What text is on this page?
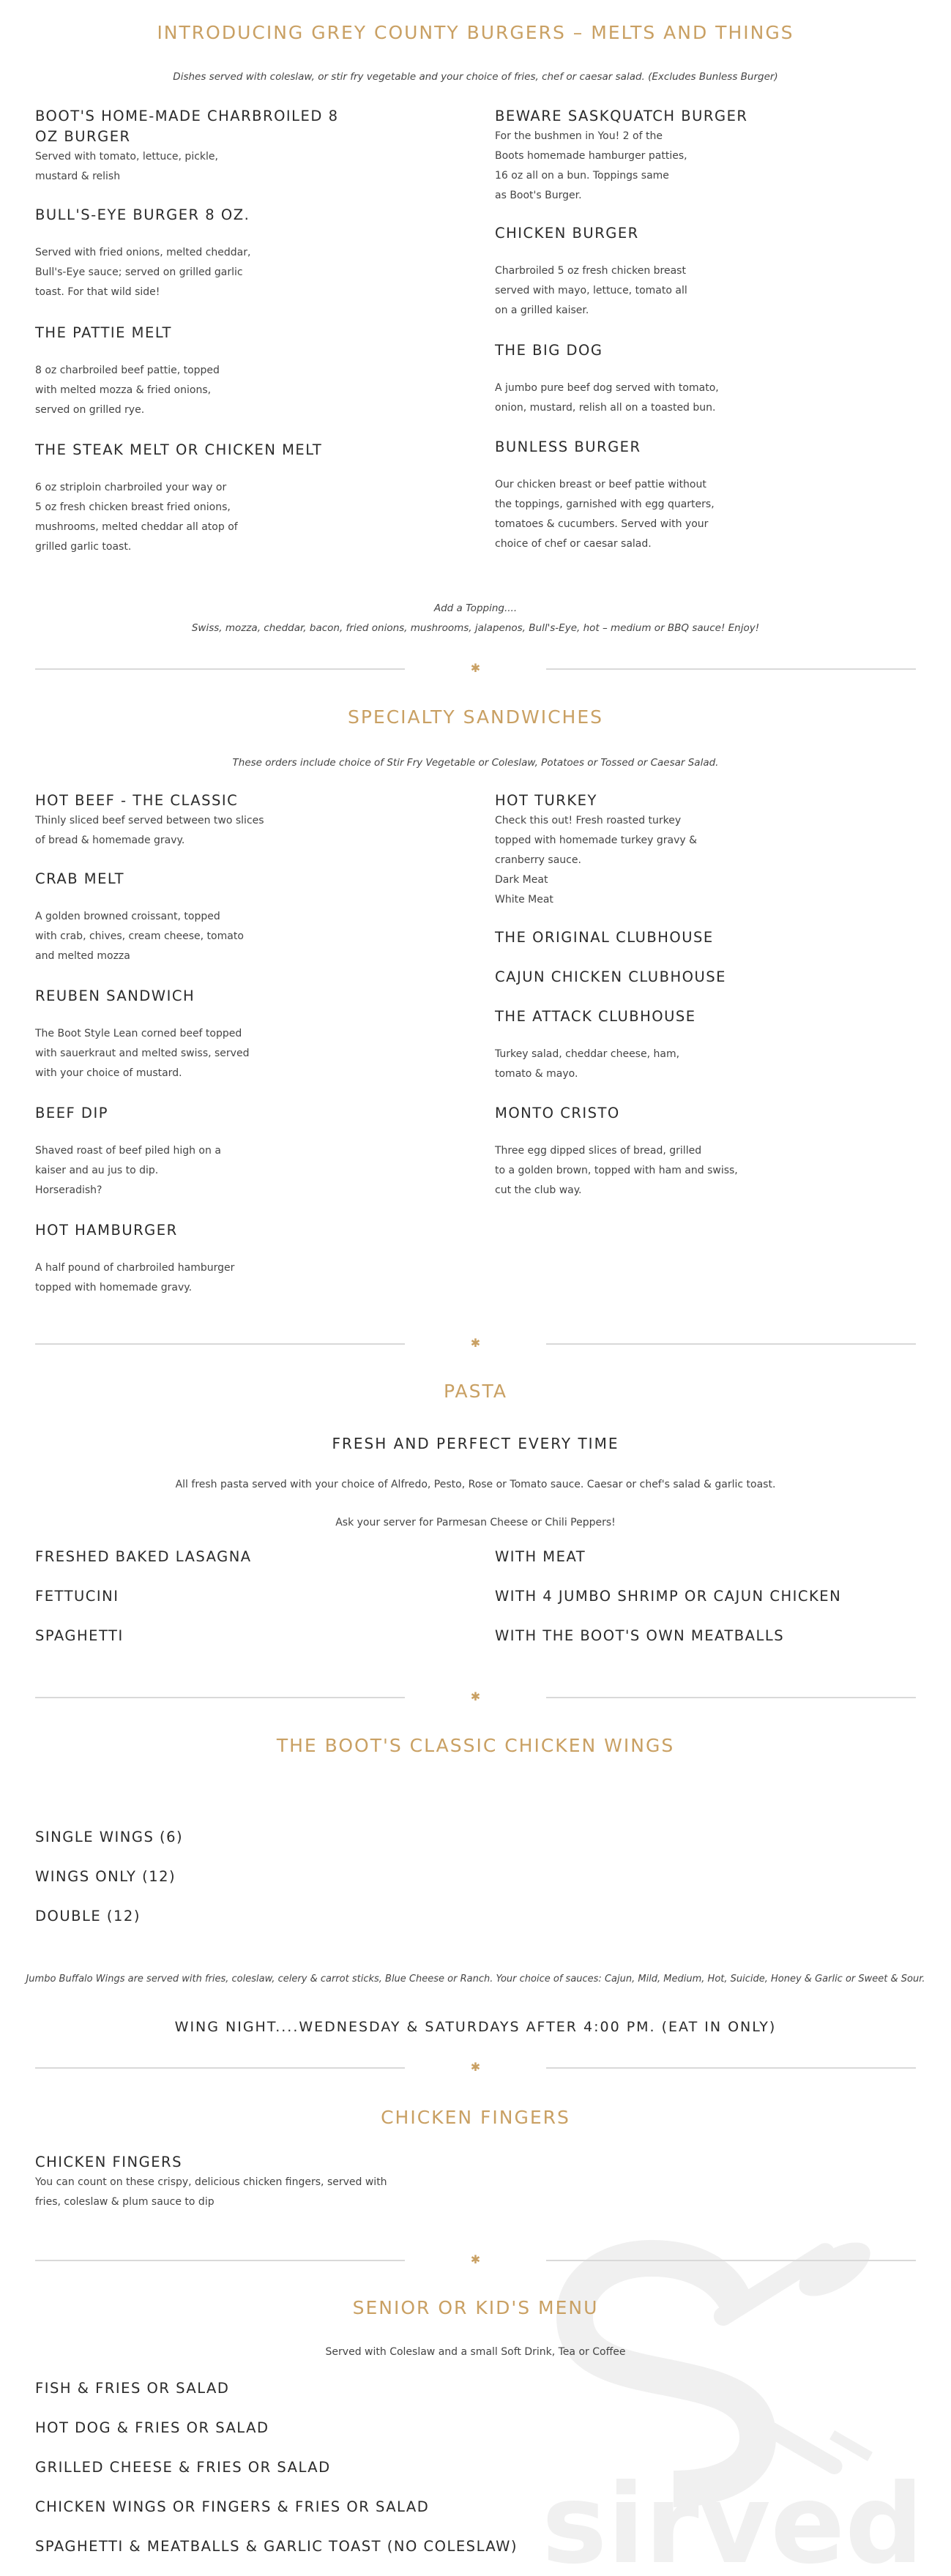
sirved
INTRODUCING GREY COUNTY BURGERS – MELTS AND THINGS

Dishes served with coleslaw, or stir fry vegetable and your choice of fries, chef or caesar salad. (Excludes Bunless Burger)

BOOT'S HOME-MADE CHARBROILED 8 OZ BURGER

Served with tomato, lettuce, pickle,
mustard & relish

BULL'S-EYE BURGER 8 OZ.

Served with fried onions, melted cheddar,
Bull's-Eye sauce; served on grilled garlic
toast. For that wild side!

THE PATTIE MELT

8 oz charbroiled beef pattie, topped
with melted mozza & fried onions,
served on grilled rye.

THE STEAK MELT OR CHICKEN MELT

6 oz striploin charbroiled your way or
5 oz fresh chicken breast fried onions,
mushrooms, melted cheddar all atop of
grilled garlic toast.

BEWARE SASKQUATCH BURGER

For the bushmen in You! 2 of the
Boots homemade hamburger patties,
16 oz all on a bun. Toppings same
as Boot's Burger.

CHICKEN BURGER

Charbroiled 5 oz fresh chicken breast
served with mayo, lettuce, tomato all
on a grilled kaiser.

THE BIG DOG

A jumbo pure beef dog served with tomato,
onion, mustard, relish all on a toasted bun.

BUNLESS BURGER

Our chicken breast or beef pattie without
the toppings, garnished with egg quarters,
tomatoes & cucumbers. Served with your
choice of chef or caesar salad.

Add a Topping....

Swiss, mozza, cheddar, bacon, fried onions, mushrooms, jalapenos, Bull's-Eye, hot – medium or BBQ sauce! Enjoy!

✱
SPECIALTY SANDWICHES

These orders include choice of Stir Fry Vegetable or Coleslaw, Potatoes or Tossed or Caesar Salad.

HOT BEEF - THE CLASSIC

Thinly sliced beef served between two slices
of bread & homemade gravy.

CRAB MELT

A golden browned croissant, topped
with crab, chives, cream cheese, tomato
and melted mozza

REUBEN SANDWICH

The Boot Style Lean corned beef topped
with sauerkraut and melted swiss, served
with your choice of mustard.

BEEF DIP

Shaved roast of beef piled high on a
kaiser and au jus to dip.
Horseradish?

HOT HAMBURGER

A half pound of charbroiled hamburger
topped with homemade gravy.

HOT TURKEY

Check this out! Fresh roasted turkey
topped with homemade turkey gravy &
cranberry sauce.
Dark Meat
White Meat

THE ORIGINAL CLUBHOUSE

CAJUN CHICKEN CLUBHOUSE

THE ATTACK CLUBHOUSE

Turkey salad, cheddar cheese, ham,
tomato & mayo.

MONTO CRISTO

Three egg dipped slices of bread, grilled
to a golden brown, topped with ham and swiss,
cut the club way.

✱
PASTA

FRESH AND PERFECT EVERY TIME

All fresh pasta served with your choice of Alfredo, Pesto, Rose or Tomato sauce. Caesar or chef's salad & garlic toast.

Ask your server for Parmesan Cheese or Chili Peppers!

FRESHED BAKED LASAGNA

FETTUCINI

SPAGHETTI

WITH MEAT

WITH 4 JUMBO SHRIMP OR CAJUN CHICKEN

WITH THE BOOT'S OWN MEATBALLS

✱
THE BOOT'S CLASSIC CHICKEN WINGS

SINGLE WINGS (6)

WINGS ONLY (12)

DOUBLE (12)

Jumbo Buffalo Wings are served with fries, coleslaw, celery & carrot sticks, Blue Cheese or Ranch. Your choice of sauces: Cajun, Mild, Medium, Hot, Suicide, Honey & Garlic or Sweet & Sour.

WING NIGHT....WEDNESDAY & SATURDAYS AFTER 4:00 PM. (EAT IN ONLY)

✱
CHICKEN FINGERS

CHICKEN FINGERS

You can count on these crispy, delicious chicken fingers, served with
fries, coleslaw & plum sauce to dip

✱
SENIOR OR KID'S MENU

Served with Coleslaw and a small Soft Drink, Tea or Coffee

FISH & FRIES OR SALAD

HOT DOG & FRIES OR SALAD

GRILLED CHEESE & FRIES OR SALAD

CHICKEN WINGS OR FINGERS & FRIES OR SALAD

SPAGHETTI & MEATBALLS & GARLIC TOAST (NO COLESLAW)
